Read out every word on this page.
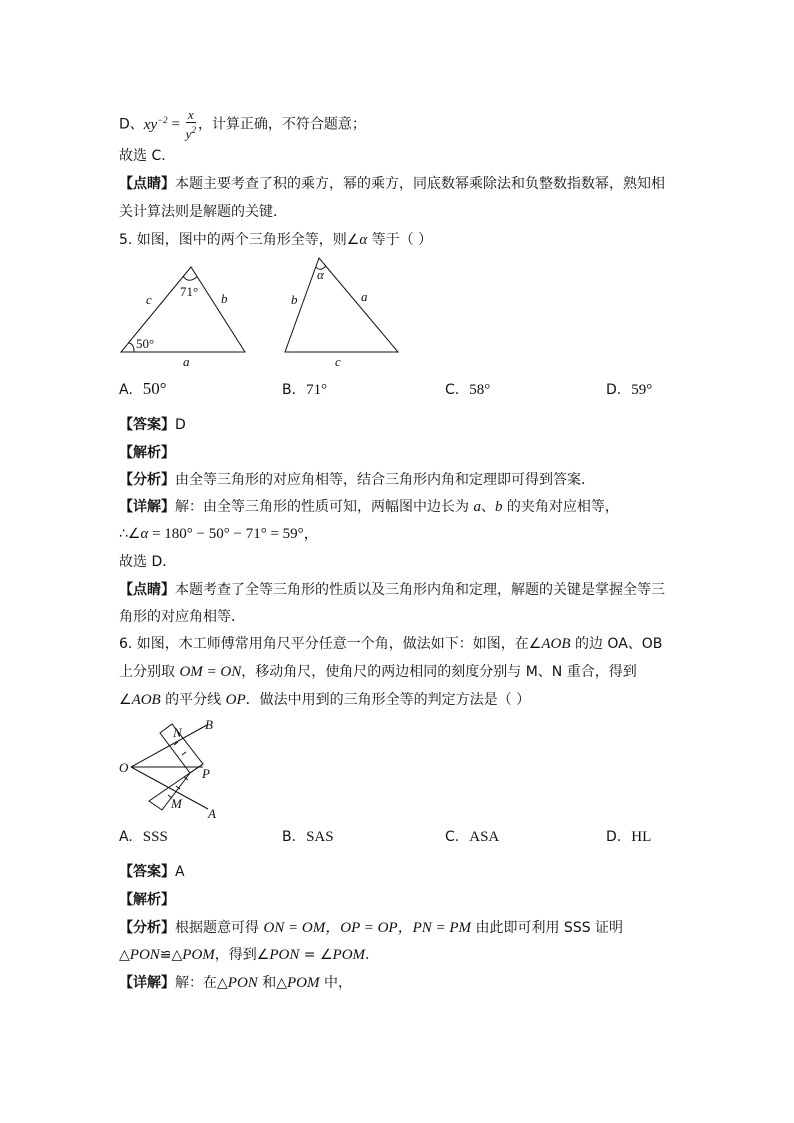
D、$xy^{-2} = \frac{x}{y^2}$ ，计算正确，不符合题意；
故选 C．
【点睛】本题主要考查了积的乘方，幂的乘方，同底数幂乘除法和负整数指数幂，熟知相
关计算法则是解题的关键．
5. 如图，图中的两个三角形全等，则∠α 等于（ ）
71°
50°
c	b
a
α
b	a
c
A. 50°	B. 71°	C. 58°	D. 59°
【答案】D
【解析】
【分析】由全等三角形的对应角相等，结合三角形内角和定理即可得到答案．
【详解】解：由全等三角形的性质可知，两幅图中边长为 a、b 的夹角对应相等，
∴∠α = 180° − 50° − 71° = 59°，
故选 D．
【点睛】本题考查了全等三角形的性质以及三角形内角和定理，解题的关键是掌握全等三
角形的对应角相等．
6. 如图，木工师傅常用角尺平分任意一个角，做法如下：如图，在∠AOB 的边 OA、OB
上分别取 OM = ON，移动角尺，使角尺的两边相同的刻度分别与 M、N 重合，得到
∠AOB 的平分线 OP．做法中用到的三角形全等的判定方法是（ ）
O
B
N
P
M
A
A. SSS	B. SAS	C. ASA	D. HL
【答案】A
【解析】
【分析】根据题意可得 ON = OM，OP = OP，PN = PM 由此即可利用 SSS 证明
△PON≌△POM，得到∠PON = ∠POM．
【详解】解：在△PON 和△POM 中，
